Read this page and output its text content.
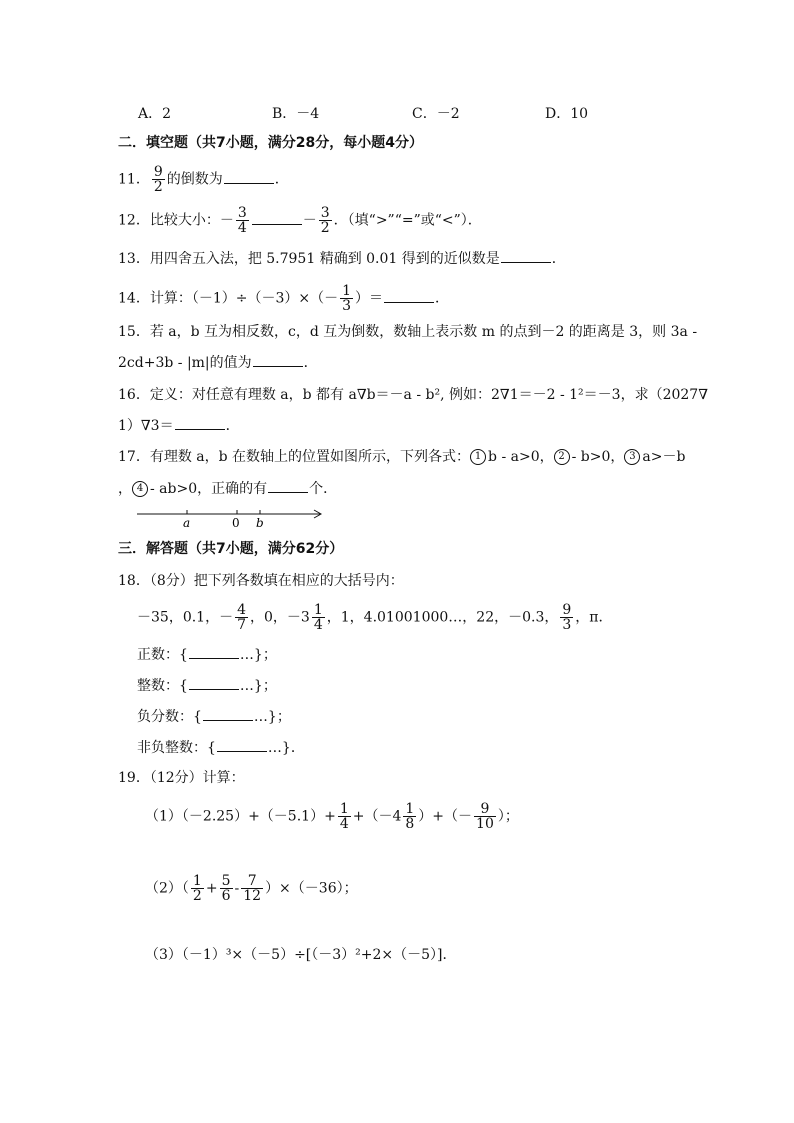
A．2	B．－4	C．－2	D．10
二．填空题（共7小题，满分28分，每小题4分）
11． $\frac{9}{2}$ 的倒数为	．
12．比较大小：－ $\frac{3}{4}$	－ $\frac{3}{2}$ ．（填“>”“=”或“<”）．
13．用四舍五入法，把 5.7951 精确到 0.01 得到的近似数是	．
14．计算：$(-1)\div(-3)\times(- \frac{1}{3}$ ）＝	．
15．若 a，b 互为相反数，c，d 互为倒数，数轴上表示数 m 的点到－2 的距离是 3，则 3a -
2cd+3b - |m|的值为	．
16．定义：对任意有理数 a，b 都有 a∇b＝－a - b², 例如：2∇1＝－2 - 1²＝－3，求（2027∇
1）∇3＝	．
17．有理数 a，b 在数轴上的位置如图所示，下列各式： 1 b - a>0， 2 - b>0， 3 a>－b
， 4 - ab>0，正确的有	个．
a	0 b
三．解答题（共7小题，满分62分）
18．（8分）把下列各数填在相应的大括号内：
－35，0.1，－ $\frac{4}{7}$ ，0，$-3 \frac{1}{4}$ ，1，4.01001000…，22，－0.3， $\frac{9}{3}$ ，π．
正数：{	…}；
整数：{	…}；
负分数：{	…}；
非负整数：{	…}．
19．（12分）计算：
$(1)(-2.25)+(-5.1)+ \frac{1}{4} +(-4 \frac{1}{8}$ ）+（－ $\frac{9}{10}$ ）；
$(2)( \frac{1}{2} + \frac{5}{6} - \frac{7}{12} )\times(-36)$；
（3）（－1）³×（－5）÷[（－3）²+2×（－5）]．
